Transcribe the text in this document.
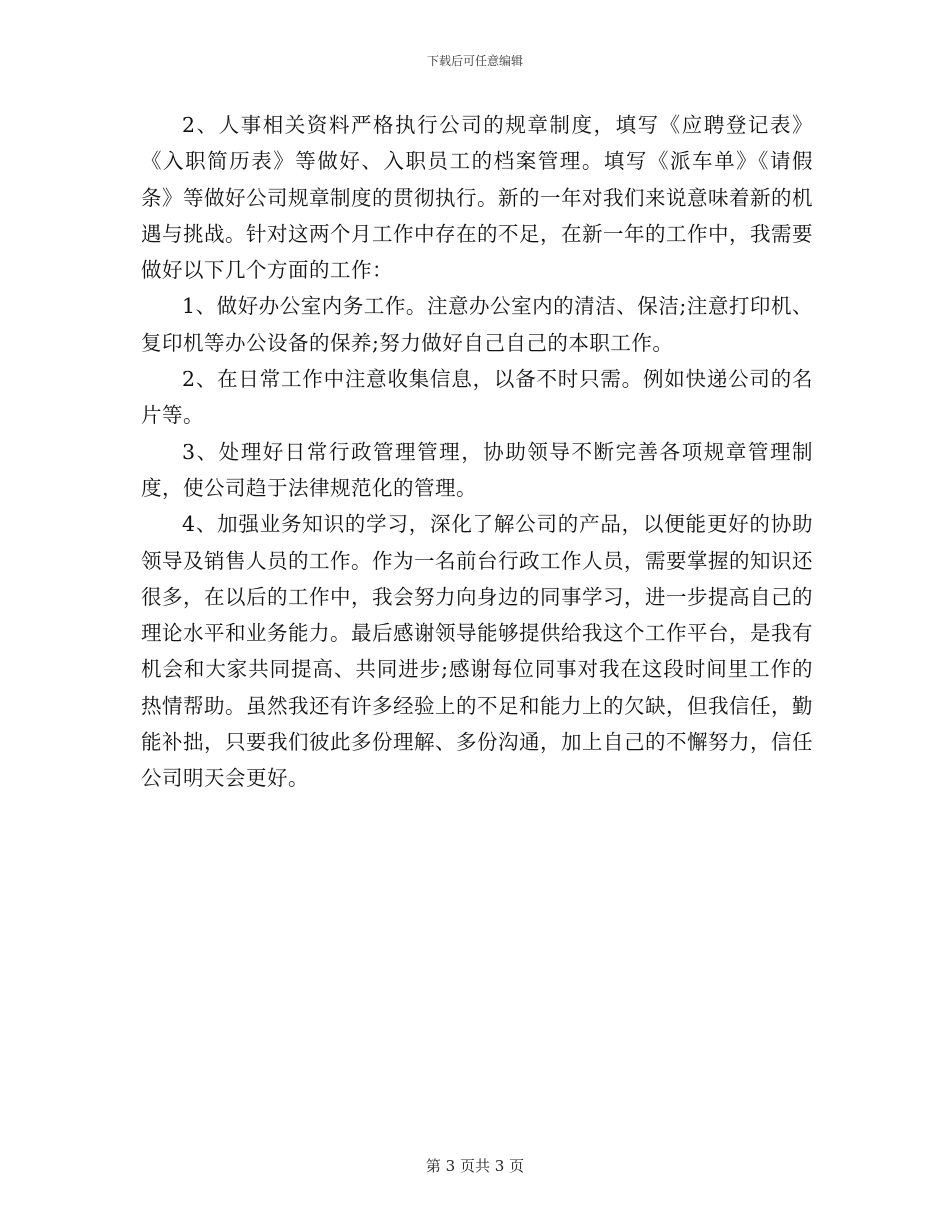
下载后可任意编辑

2、人事相关资料严格执行公司的规章制度，填写《应聘登记表》《入职简历表》等做好、入职员工的档案管理。填写《派车单》《请假条》等做好公司规章制度的贯彻执行。新的一年对我们来说意味着新的机遇与挑战。针对这两个月工作中存在的不足，在新一年的工作中，我需要做好以下几个方面的工作：

1、做好办公室内务工作。注意办公室内的清洁、保洁;注意打印机、复印机等办公设备的保养;努力做好自己自己的本职工作。

2、在日常工作中注意收集信息，以备不时只需。例如快递公司的名片等。

3、处理好日常行政管理管理，协助领导不断完善各项规章管理制度，使公司趋于法律规范化的管理。

4、加强业务知识的学习，深化了解公司的产品，以便能更好的协助领导及销售人员的工作。作为一名前台行政工作人员，需要掌握的知识还很多，在以后的工作中，我会努力向身边的同事学习，进一步提高自己的理论水平和业务能力。最后感谢领导能够提供给我这个工作平台，是我有机会和大家共同提高、共同进步;感谢每位同事对我在这段时间里工作的热情帮助。虽然我还有许多经验上的不足和能力上的欠缺，但我信任，勤能补拙，只要我们彼此多份理解、多份沟通，加上自己的不懈努力，信任公司明天会更好。

第 3 页共 3 页
